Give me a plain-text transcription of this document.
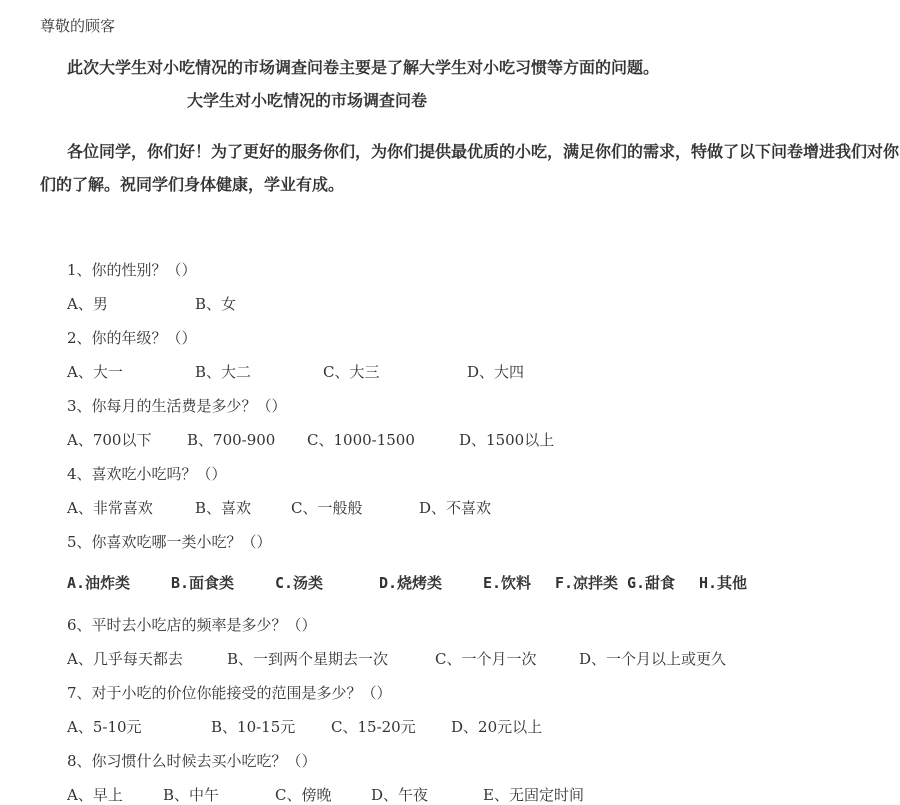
尊敬的顾客
此次大学生对小吃情况的市场调查问卷主要是了解大学生对小吃习惯等方面的问题。
大学生对小吃情况的市场调查问卷
各位同学，你们好！为了更好的服务你们，为你们提供最优质的小吃，满足你们的需求，特做了以下问卷增进我们对你们的了解。祝同学们身体健康，学业有成。
1、你的性别？（）
A、男	B、女
2、你的年级？（）
A、大一	B、大二	C、大三	D、大四
3、你每月的生活费是多少？（）
A、700以下 B、700-900 C、1000-1500	D、1500以上
4、喜欢吃小吃吗？（）
A、非常喜欢	B、喜欢	C、一般般	D、不喜欢
5、你喜欢吃哪一类小吃？（）
A.油炸类	B.面食类	C.汤类	D.烧烤类	E.饮料 F.凉拌类 G.甜食 H.其他
6、平时去小吃店的频率是多少？（）
A、几乎每天都去	B、一到两个星期去一次	C、一个月一次	D、一个月以上或更久
7、对于小吃的价位你能接受的范围是多少？（）
A、5-10元	B、10-15元 C、15-20元 D、20元以上
8、你习惯什么时候去买小吃吃？（）
A、早上	B、中午	C、傍晚	D、午夜	E、无固定时间
